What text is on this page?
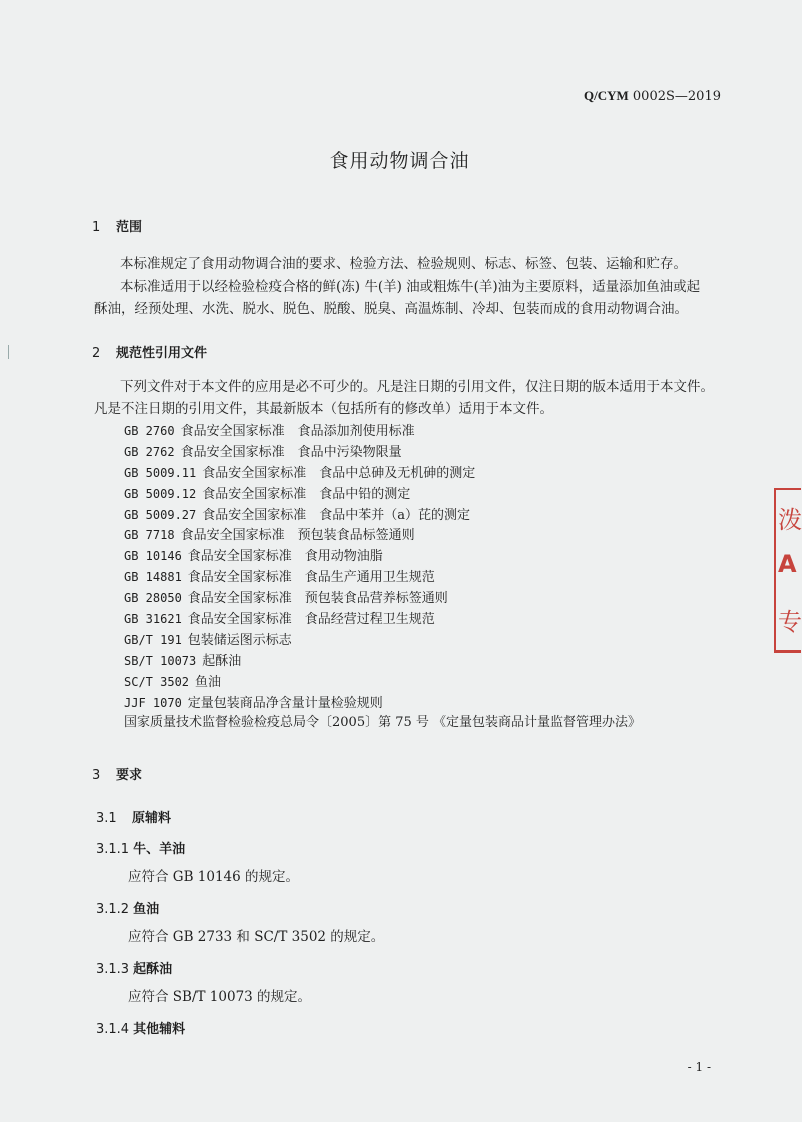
Q/CYM 0002S—2019
食用动物调合油
1 范围
本标准规定了食用动物调合油的要求、检验方法、检验规则、标志、标签、包装、运输和贮存。
本标准适用于以经检验检疫合格的鲜(冻) 牛(羊) 油或粗炼牛(羊)油为主要原料，适量添加鱼油或起
酥油，经预处理、水洗、脱水、脱色、脱酸、脱臭、高温炼制、冷却、包装而成的食用动物调合油。
2 规范性引用文件
下列文件对于本文件的应用是必不可少的。凡是注日期的引用文件，仅注日期的版本适用于本文件。
凡是不注日期的引用文件，其最新版本（包括所有的修改单）适用于本文件。
GB 2760 食品安全国家标准　食品添加剂使用标准
GB 2762 食品安全国家标准　食品中污染物限量
GB 5009.11 食品安全国家标准　食品中总砷及无机砷的测定
GB 5009.12 食品安全国家标准　食品中铅的测定
GB 5009.27 食品安全国家标准　食品中苯并（a）芘的测定
GB 7718 食品安全国家标准　预包装食品标签通则
GB 10146 食品安全国家标准　食用动物油脂
GB 14881 食品安全国家标准　食品生产通用卫生规范
GB 28050 食品安全国家标准　预包装食品营养标签通则
GB 31621 食品安全国家标准　食品经营过程卫生规范
GB/T 191 包装储运图示标志
SB/T 10073 起酥油
SC/T 3502 鱼油
JJF 1070 定量包装商品净含量计量检验规则
国家质量技术监督检验检疫总局令〔2005〕第 75 号 《定量包装商品计量监督管理办法》
3 要求
3.1 原辅料
3.1.1 牛、羊油
应符合 GB 10146 的规定。
3.1.2 鱼油
应符合 GB 2733 和 SC/T 3502 的规定。
3.1.3 起酥油
应符合 SB/T 10073 的规定。
3.1.4 其他辅料
泼
A
专
- 1 -
